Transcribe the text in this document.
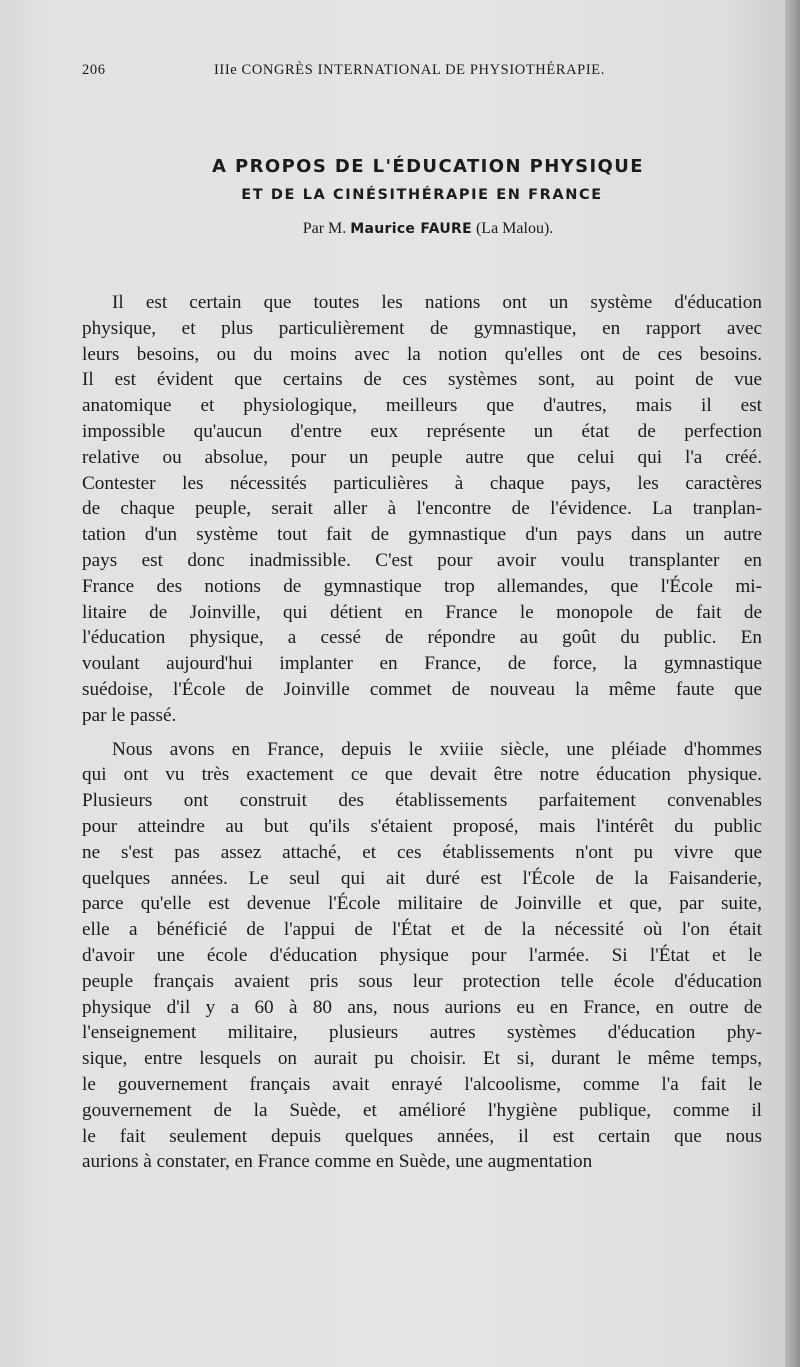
206	IIIe CONGRÈS INTERNATIONAL DE PHYSIOTHÉRAPIE.
A PROPOS DE L'ÉDUCATION PHYSIQUE
ET DE LA CINÉSITHÉRAPIE EN FRANCE
Par M. Maurice FAURE (La Malou).
Il est certain que toutes les nations ont un système d'éducation
physique, et plus particulièrement de gymnastique, en rapport avec
leurs besoins, ou du moins avec la notion qu'elles ont de ces besoins.
Il est évident que certains de ces systèmes sont, au point de vue
anatomique et physiologique, meilleurs que d'autres, mais il est
impossible qu'aucun d'entre eux représente un état de perfection
relative ou absolue, pour un peuple autre que celui qui l'a créé.
Contester les nécessités particulières à chaque pays, les caractères
de chaque peuple, serait aller à l'encontre de l'évidence. La tranplan-
tation d'un système tout fait de gymnastique d'un pays dans un autre
pays est donc inadmissible. C'est pour avoir voulu transplanter en
France des notions de gymnastique trop allemandes, que l'École mi-
litaire de Joinville, qui détient en France le monopole de fait de
l'éducation physique, a cessé de répondre au goût du public. En
voulant aujourd'hui implanter en France, de force, la gymnastique
suédoise, l'École de Joinville commet de nouveau la même faute que
par le passé.
Nous avons en France, depuis le xviiie siècle, une pléiade d'hommes
qui ont vu très exactement ce que devait être notre éducation physique.
Plusieurs ont construit des établissements parfaitement convenables
pour atteindre au but qu'ils s'étaient proposé, mais l'intérêt du public
ne s'est pas assez attaché, et ces établissements n'ont pu vivre que
quelques années. Le seul qui ait duré est l'École de la Faisanderie,
parce qu'elle est devenue l'École militaire de Joinville et que, par suite,
elle a bénéficié de l'appui de l'État et de la nécessité où l'on était
d'avoir une école d'éducation physique pour l'armée. Si l'État et le
peuple français avaient pris sous leur protection telle école d'éducation
physique d'il y a 60 à 80 ans, nous aurions eu en France, en outre de
l'enseignement militaire, plusieurs autres systèmes d'éducation phy-
sique, entre lesquels on aurait pu choisir. Et si, durant le même temps,
le gouvernement français avait enrayé l'alcoolisme, comme l'a fait le
gouvernement de la Suède, et amélioré l'hygiène publique, comme il
le fait seulement depuis quelques années, il est certain que nous
aurions à constater, en France comme en Suède, une augmentation
